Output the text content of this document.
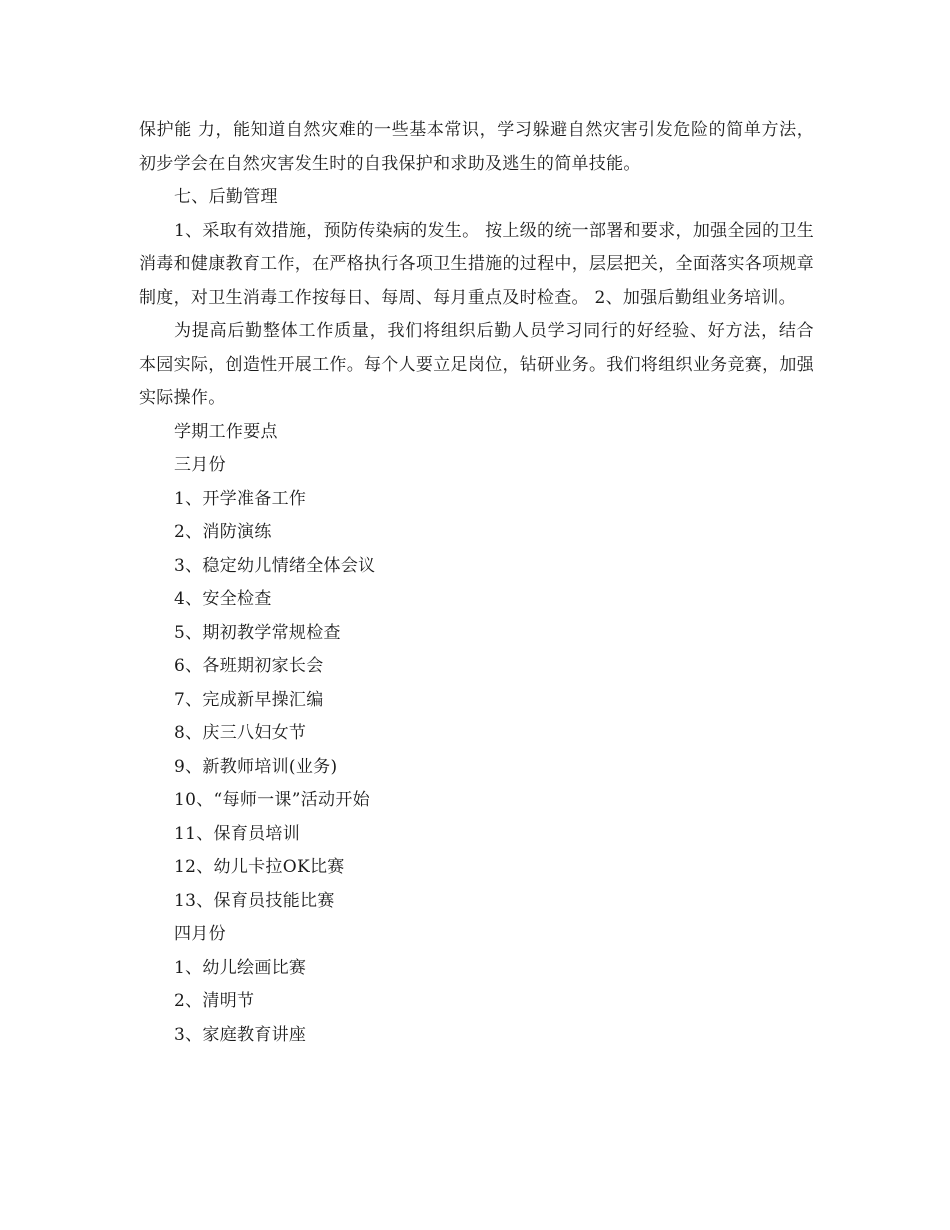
保护能 力，能知道自然灾难的一些基本常识，学习躲避自然灾害引发危险的简单方法，初步学会在自然灾害发生时的自我保护和求助及逃生的简单技能。

七、后勤管理

1、采取有效措施，预防传染病的发生。 按上级的统一部署和要求，加强全园的卫生消毒和健康教育工作，在严格执行各项卫生措施的过程中，层层把关，全面落实各项规章制度，对卫生消毒工作按每日、每周、每月重点及时检查。 2、加强后勤组业务培训。

为提高后勤整体工作质量，我们将组织后勤人员学习同行的好经验、好方法，结合本园实际，创造性开展工作。每个人要立足岗位，钻研业务。我们将组织业务竞赛，加强实际操作。

学期工作要点

三月份

1、开学准备工作

2、消防演练

3、稳定幼儿情绪全体会议

4、安全检查

5、期初教学常规检查

6、各班期初家长会

7、完成新早操汇编

8、庆三八妇女节

9、新教师培训(业务)

10、“每师一课”活动开始

11、保育员培训

12、幼儿卡拉OK比赛

13、保育员技能比赛

四月份

1、幼儿绘画比赛

2、清明节

3、家庭教育讲座
